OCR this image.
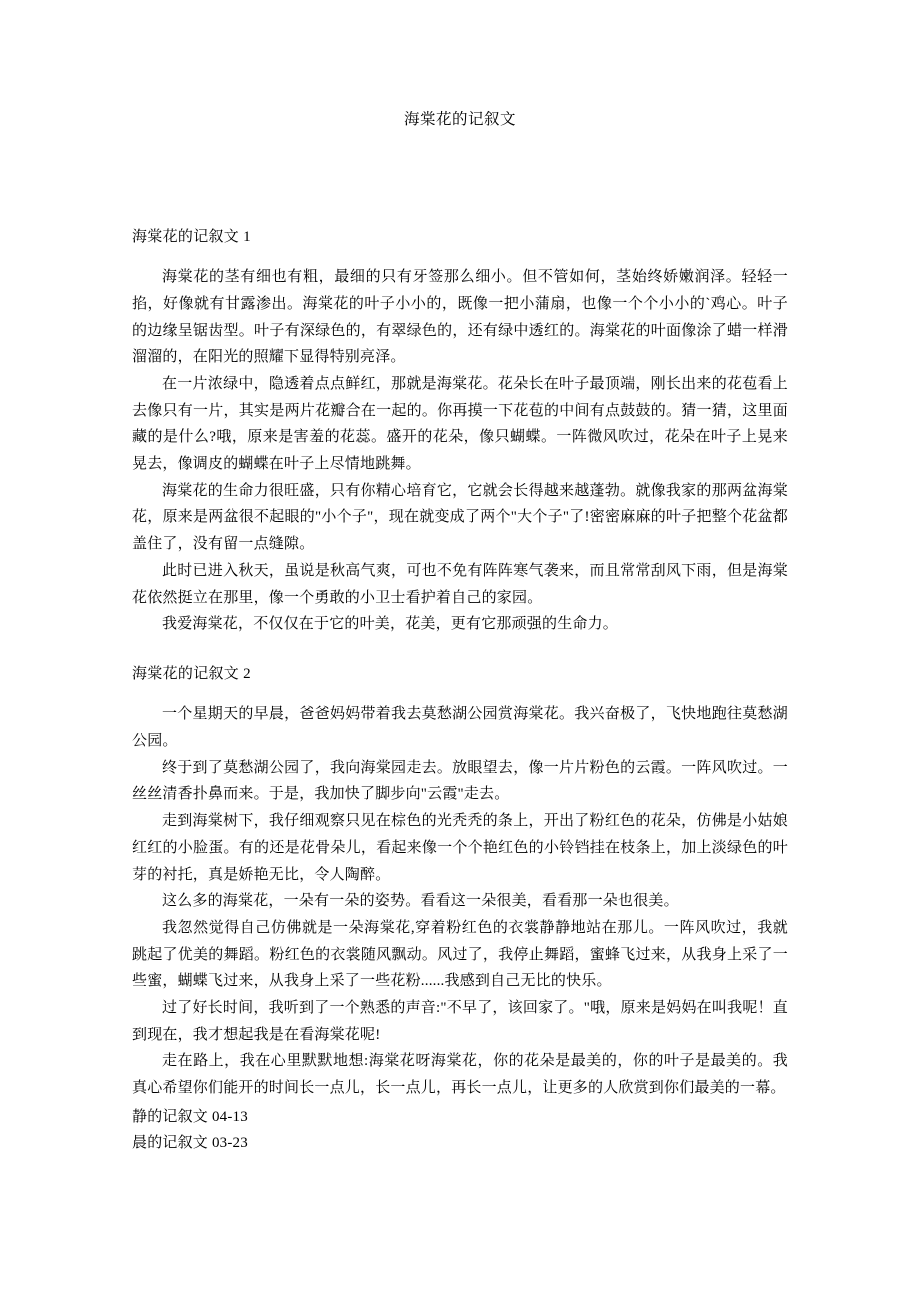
海棠花的记叙文
海棠花的记叙文 1

海棠花的茎有细也有粗，最细的只有牙签那么细小。但不管如何，茎始终娇嫩润泽。轻轻一掐，好像就有甘露渗出。海棠花的叶子小小的，既像一把小蒲扇，也像一个个小小的`鸡心。叶子的边缘呈锯齿型。叶子有深绿色的，有翠绿色的，还有绿中透红的。海棠花的叶面像涂了蜡一样滑溜溜的，在阳光的照耀下显得特别亮泽。

在一片浓绿中，隐透着点点鲜红，那就是海棠花。花朵长在叶子最顶端，刚长出来的花苞看上去像只有一片，其实是两片花瓣合在一起的。你再摸一下花苞的中间有点鼓鼓的。猜一猜，这里面藏的是什么?哦，原来是害羞的花蕊。盛开的花朵，像只蝴蝶。一阵微风吹过，花朵在叶子上晃来晃去，像调皮的蝴蝶在叶子上尽情地跳舞。

海棠花的生命力很旺盛，只有你精心培育它，它就会长得越来越蓬勃。就像我家的那两盆海棠花，原来是两盆很不起眼的"小个子"，现在就变成了两个"大个子"了!密密麻麻的叶子把整个花盆都盖住了，没有留一点缝隙。

此时已进入秋天，虽说是秋高气爽，可也不免有阵阵寒气袭来，而且常常刮风下雨，但是海棠花依然挺立在那里，像一个勇敢的小卫士看护着自己的家园。

我爱海棠花，不仅仅在于它的叶美，花美，更有它那顽强的生命力。

海棠花的记叙文 2

一个星期天的早晨，爸爸妈妈带着我去莫愁湖公园赏海棠花。我兴奋极了，飞快地跑往莫愁湖公园。

终于到了莫愁湖公园了，我向海棠园走去。放眼望去，像一片片粉色的云霞。一阵风吹过。一丝丝清香扑鼻而来。于是，我加快了脚步向"云霞"走去。

走到海棠树下，我仔细观察只见在棕色的光秃秃的条上，开出了粉红色的花朵，仿佛是小姑娘红红的小脸蛋。有的还是花骨朵儿，看起来像一个个艳红色的小铃铛挂在枝条上，加上淡绿色的叶芽的衬托，真是娇艳无比，令人陶醉。

这么多的海棠花，一朵有一朵的姿势。看看这一朵很美，看看那一朵也很美。

我忽然觉得自己仿佛就是一朵海棠花,穿着粉红色的衣裳静静地站在那儿。一阵风吹过，我就跳起了优美的舞蹈。粉红色的衣裳随风飘动。风过了，我停止舞蹈，蜜蜂飞过来，从我身上采了一些蜜，蝴蝶飞过来，从我身上采了一些花粉......我感到自己无比的快乐。

过了好长时间，我听到了一个熟悉的声音:"不早了，该回家了。"哦，原来是妈妈在叫我呢！直到现在，我才想起我是在看海棠花呢!

走在路上，我在心里默默地想:海棠花呀海棠花，你的花朵是最美的，你的叶子是最美的。我真心希望你们能开的时间长一点儿，长一点儿，再长一点儿，让更多的人欣赏到你们最美的一幕。

静的记叙文 04-13
晨的记叙文 03-23
